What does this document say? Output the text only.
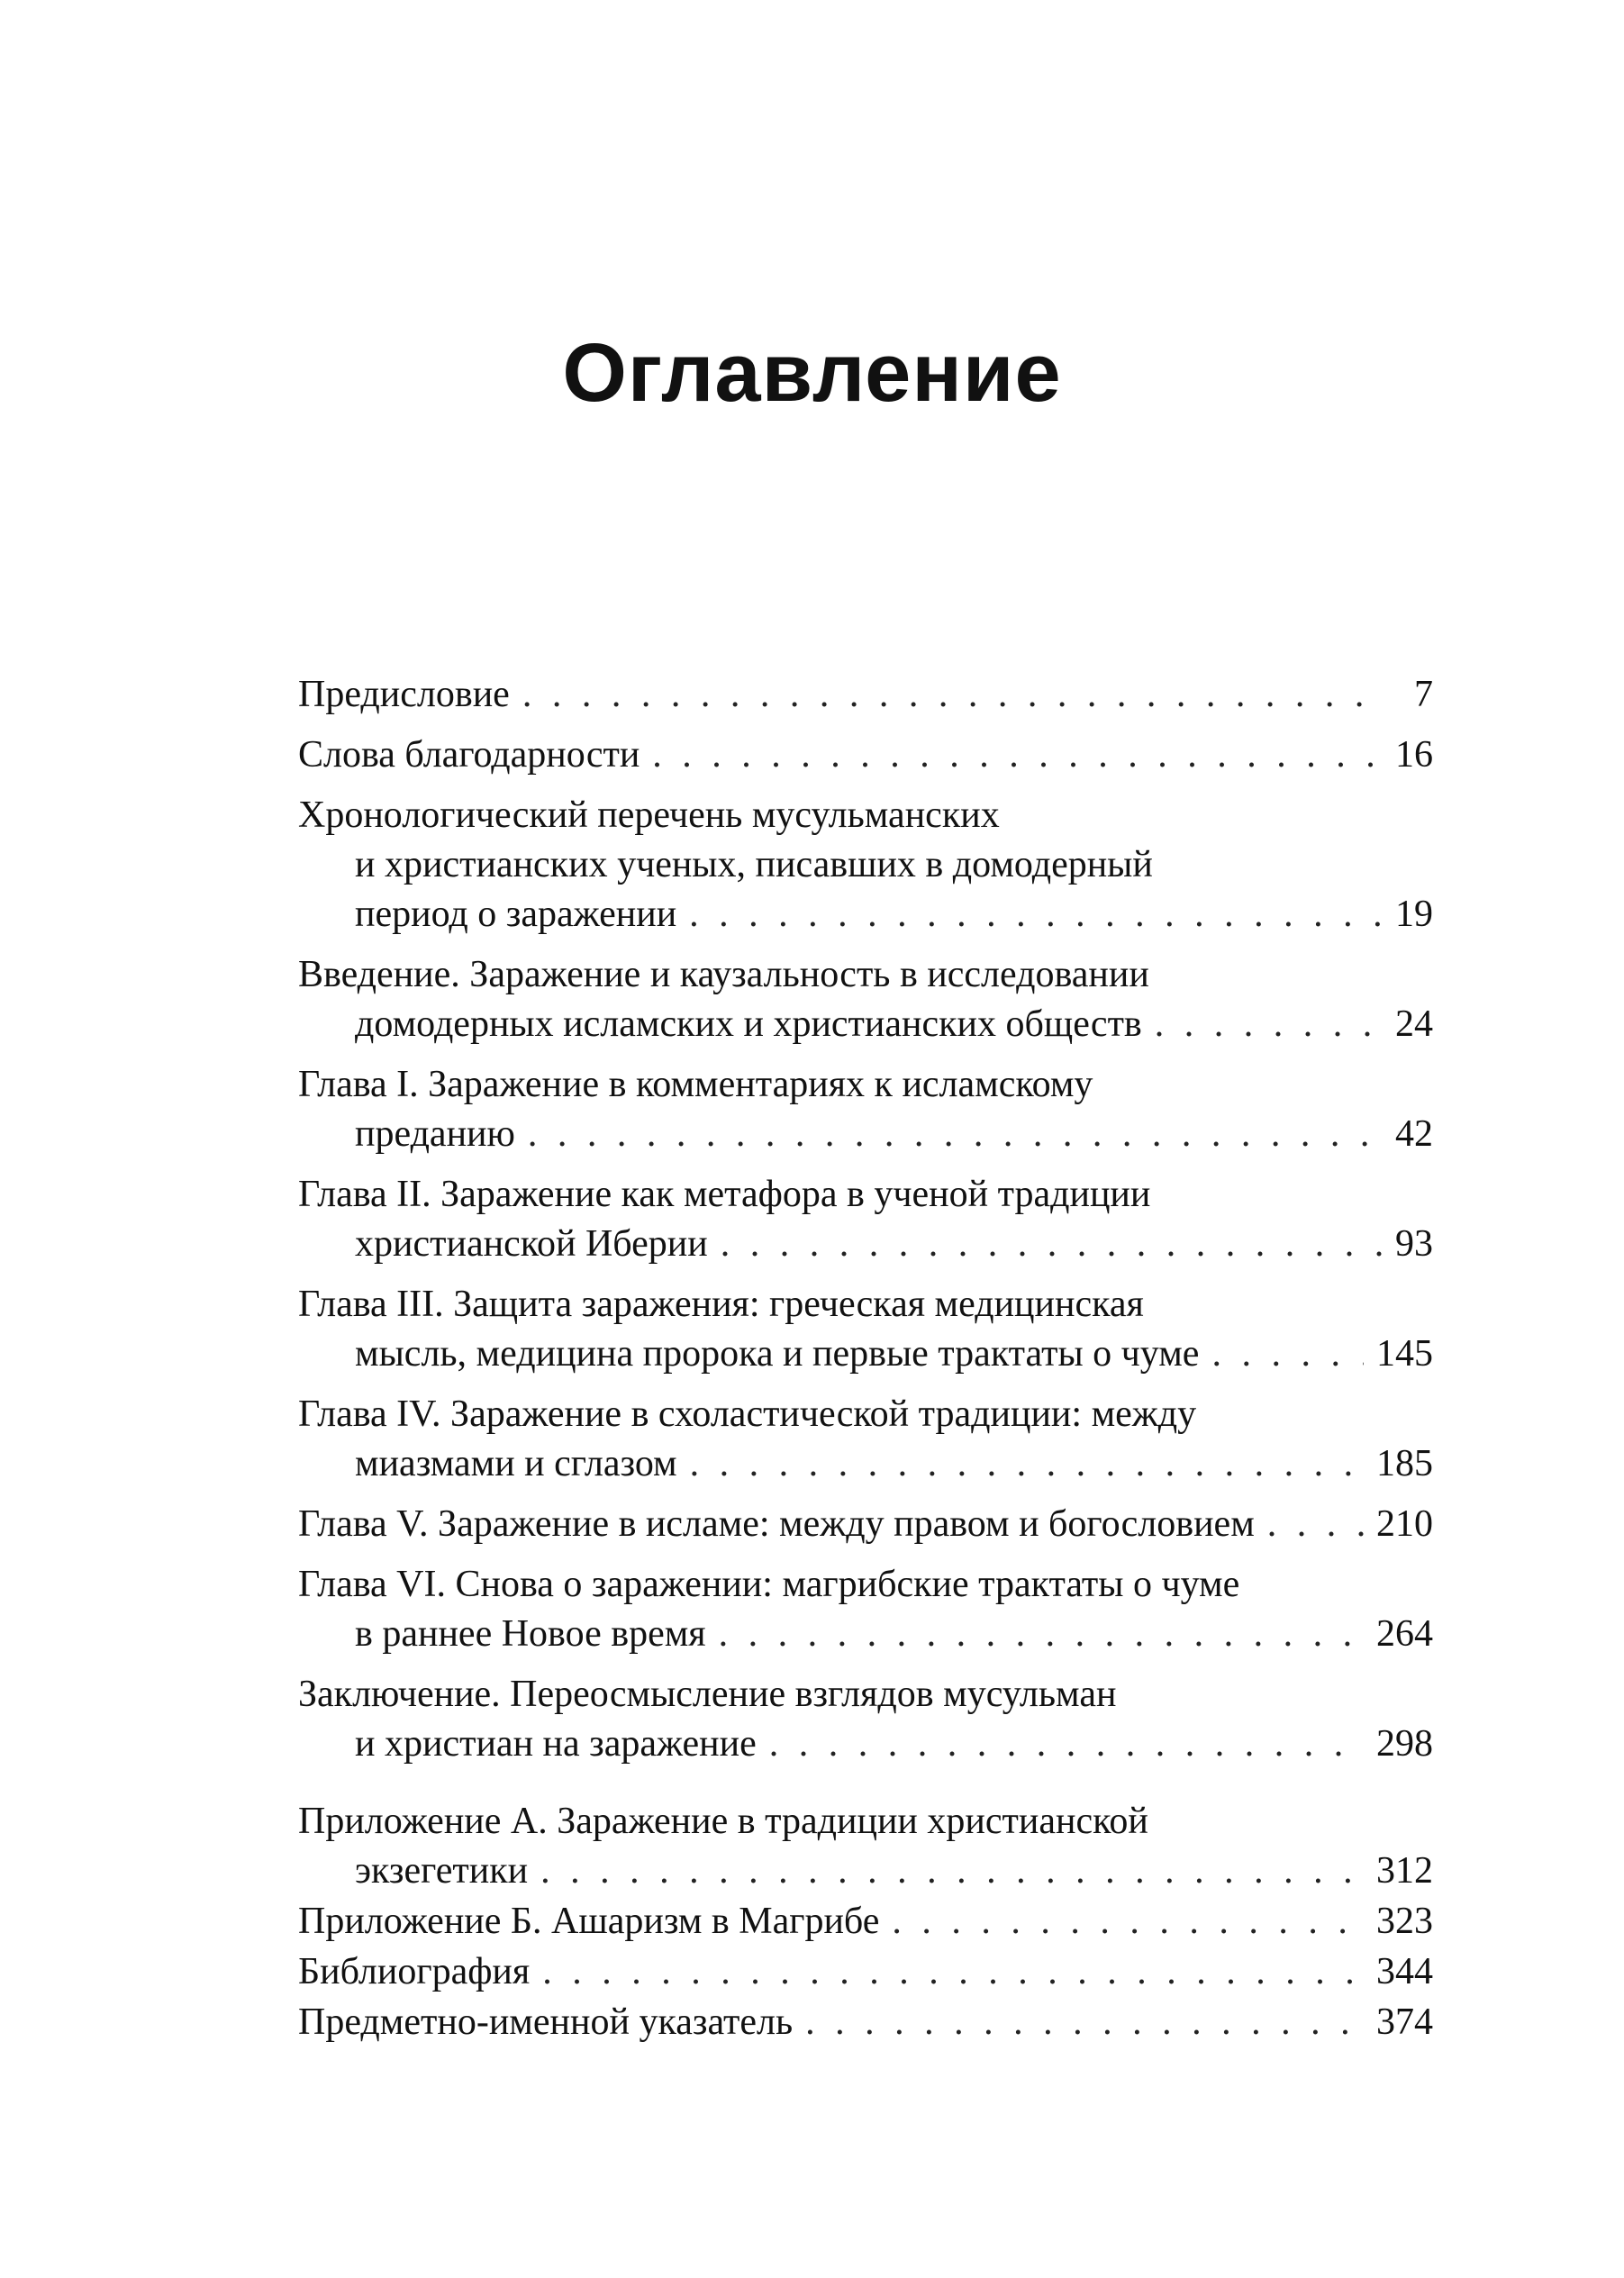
Оглавление
Предисловие . . .	7
Слова благодарности . . .	16
Хронологический перечень мусульманских
и христианских ученых, писавших в домодерный
период о заражении . . .	19
Введение. Заражение и каузальность в исследовании
домодерных исламских и христианских обществ . . .	24
Глава I. Заражение в комментариях к исламскому
преданию . . .	42
Глава II. Заражение как метафора в ученой традиции
христианской Иберии . . .	93
Глава III. Защита заражения: греческая медицинская
мысль, медицина пророка и первые трактаты о чуме . . .	145
Глава IV. Заражение в схоластической традиции: между
миазмами и сглазом . . .	185
Глава V. Заражение в исламе: между правом и богословием . . .	210
Глава VI. Снова о заражении: магрибские трактаты о чуме
в раннее Новое время . . .	264
Заключение. Переосмысление взглядов мусульман
и христиан на заражение . . .	298
Приложение А. Заражение в традиции христианской
экзегетики . . .	312
Приложение Б. Ашаризм в Магрибе . . .	323
Библиография . . .	344
Предметно-именной указатель . . .	374
